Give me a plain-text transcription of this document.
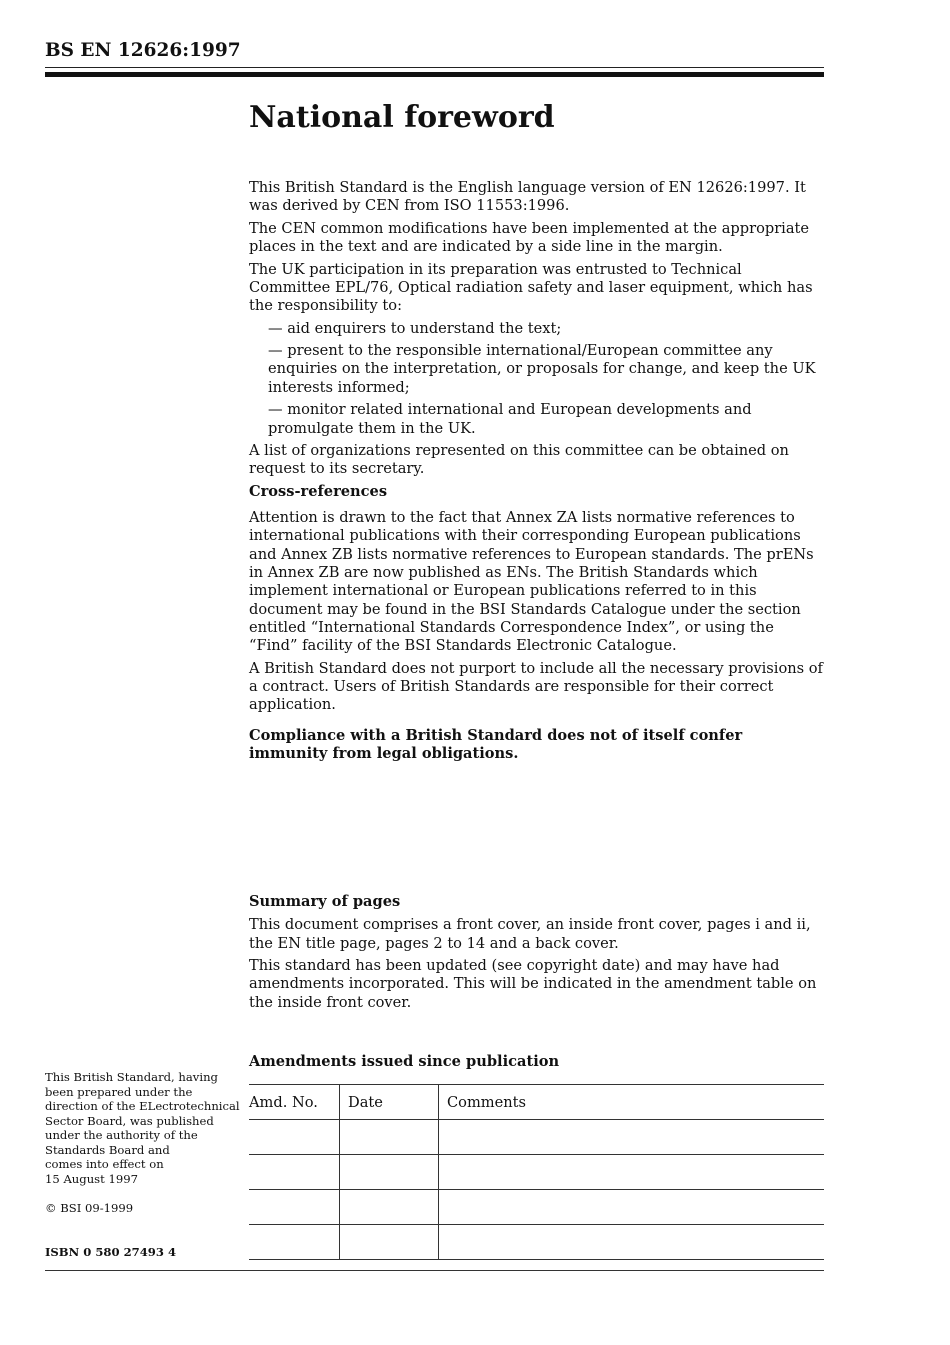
BS EN 12626:1997
National foreword

This British Standard is the English language version of EN 12626:1997. It was derived by CEN from ISO 11553:1996.

The CEN common modifications have been implemented at the appropriate places in the text and are indicated by a side line in the margin.

The UK participation in its preparation was entrusted to Technical Committee EPL/76, Optical radiation safety and laser equipment, which has the responsibility to:

— aid enquirers to understand the text;

— present to the responsible international/European committee any enquiries on the interpretation, or proposals for change, and keep the UK interests informed;

— monitor related international and European developments and promulgate them in the UK.

A list of organizations represented on this committee can be obtained on request to its secretary.

Cross-references

Attention is drawn to the fact that Annex ZA lists normative references to international publications with their corresponding European publications and Annex ZB lists normative references to European standards. The prENs in Annex ZB are now published as ENs. The British Standards which implement international or European publications referred to in this document may be found in the BSI Standards Catalogue under the section entitled “International Standards Correspondence Index”, or using the “Find” facility of the BSI Standards Electronic Catalogue.

A British Standard does not purport to include all the necessary provisions of a contract. Users of British Standards are responsible for their correct application.

Compliance with a British Standard does not of itself confer immunity from legal obligations.

Summary of pages

This document comprises a front cover, an inside front cover, pages i and ii, the EN title page, pages 2 to 14 and a back cover.

This standard has been updated (see copyright date) and may have had amendments incorporated. This will be indicated in the amendment table on the inside front cover.

Amendments issued since publication
Amd. No.	Date	Comments

This British Standard, having

been prepared under the

direction of the ELectrotechnical

Sector Board, was published

under the authority of the

Standards Board and

comes into effect on

15 August 1997

© BSI 09-1999
ISBN 0 580 27493 4
